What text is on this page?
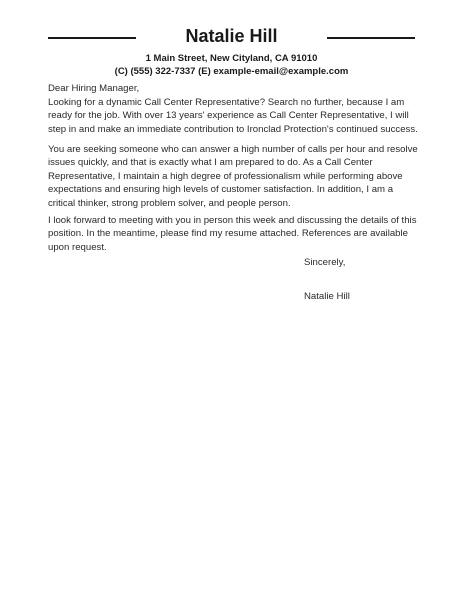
Natalie Hill
1 Main Street, New Cityland, CA 91010
(C) (555) 322-7337 (E) example-email@example.com
Dear Hiring Manager,
Looking for a dynamic Call Center Representative? Search no further, because I am
ready for the job. With over 13 years' experience as Call Center Representative, I will
step in and make an immediate contribution to Ironclad Protection's continued success.
You are seeking someone who can answer a high number of calls per hour and resolve
issues quickly, and that is exactly what I am prepared to do. As a Call Center
Representative, I maintain a high degree of professionalism while performing above
expectations and ensuring high levels of customer satisfaction. In addition, I am a
critical thinker, strong problem solver, and people person.
I look forward to meeting with you in person this week and discussing the details of this
position. In the meantime, please find my resume attached. References are available
upon request.
Sincerely,
Natalie Hill
